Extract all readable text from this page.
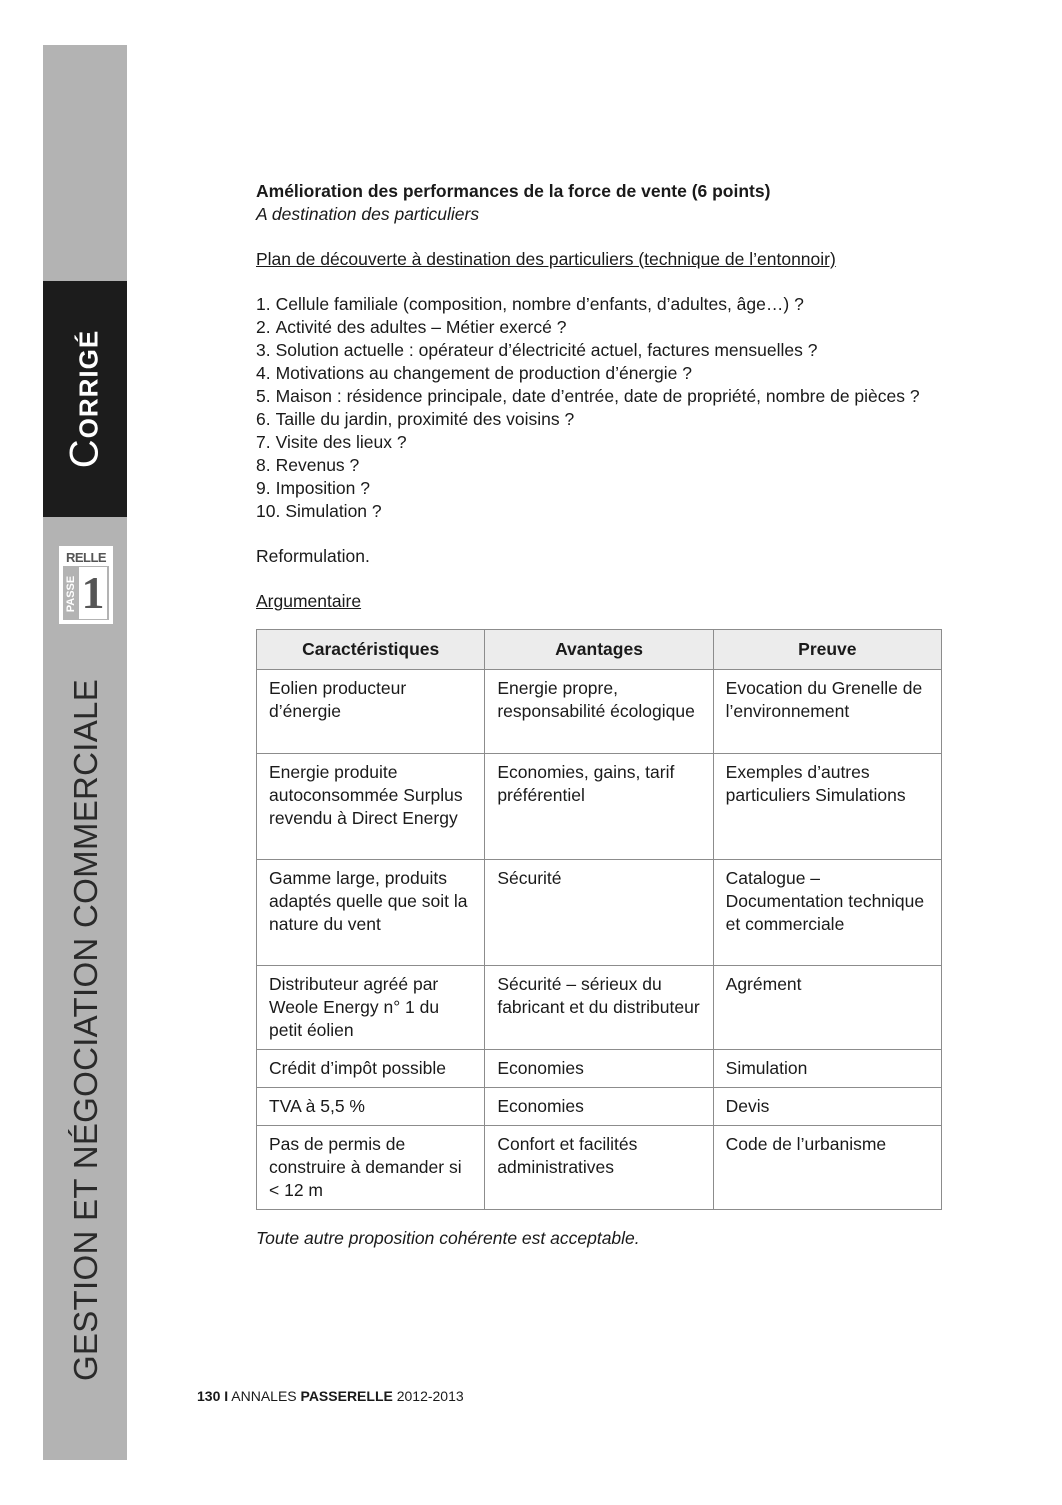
CORRIGÉ
RELLE
PASSE 1
GESTION ET NÉGOCIATION COMMERCIALE

Amélioration des performances de la force de vente (6 points)

A destination des particuliers

Plan de découverte à destination des particuliers (technique de l’entonnoir)

1. Cellule familiale (composition, nombre d’enfants, d’adultes, âge…) ?
2. Activité des adultes – Métier exercé ?
3. Solution actuelle : opérateur d’électricité actuel, factures mensuelles ?
4. Motivations au changement de production d’énergie ?
5. Maison : résidence principale, date d’entrée, date de propriété, nombre de pièces ?
6. Taille du jardin, proximité des voisins ?
7. Visite des lieux ?
8. Revenus ?
9. Imposition ?
10. Simulation ?

Reformulation.

Argumentaire

Caractéristiques	Avantages	Preuve
Eolien producteur d’énergie	Energie propre, responsabilité écologique	Evocation du Grenelle de l’environnement
Energie produite autoconsommée Surplus revendu à Direct Energy	Economies, gains, tarif préférentiel	Exemples d’autres particuliers Simulations
Gamme large, produits adaptés quelle que soit la nature du vent	Sécurité	Catalogue – Documentation technique et commerciale
Distributeur agréé par Weole Energy n° 1 du petit éolien	Sécurité – sérieux du fabricant et du distributeur	Agrément
Crédit d’impôt possible	Economies	Simulation
TVA à 5,5 %	Economies	Devis
Pas de permis de construire à demander si < 12 m	Confort et facilités administratives	Code de l’urbanisme

Toute autre proposition cohérente est acceptable.

130 I ANNALES PASSERELLE 2012-2013
